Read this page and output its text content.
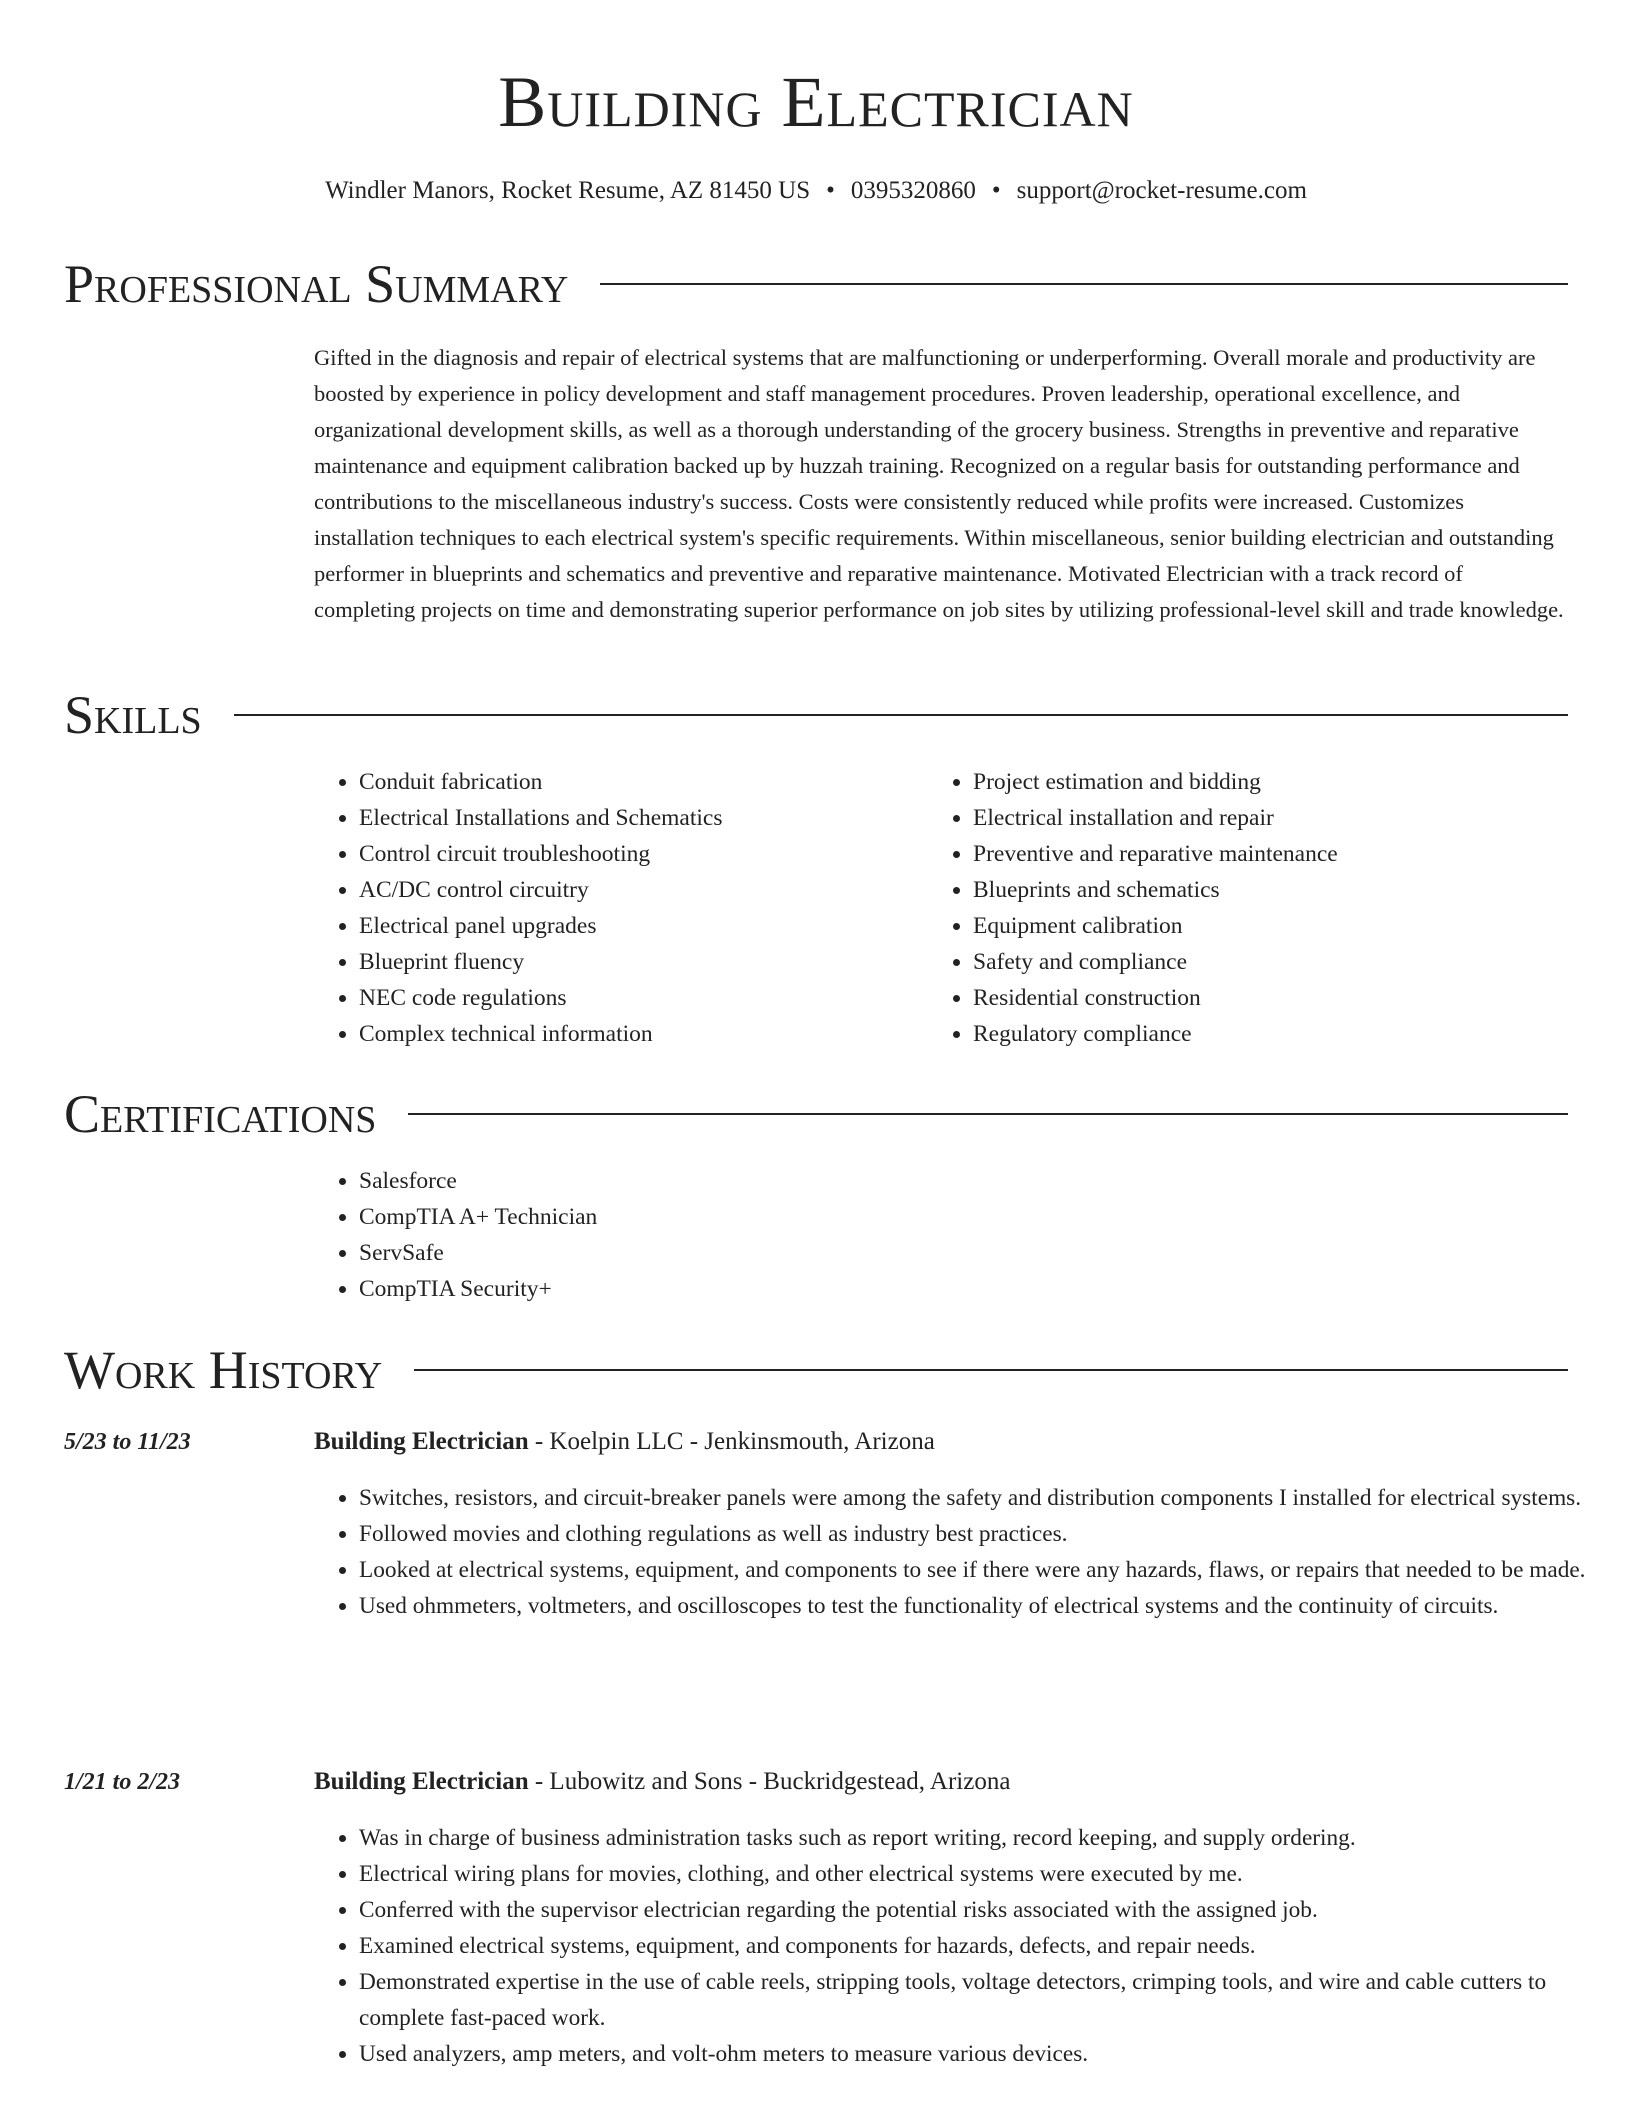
Building Electrician
Windler Manors, Rocket Resume, AZ 81450 US • 0395320860 • support@rocket-resume.com
Professional Summary

Gifted in the diagnosis and repair of electrical systems that are malfunctioning or underperforming. Overall morale and productivity are boosted by experience in policy development and staff management procedures. Proven leadership, operational excellence, and organizational development skills, as well as a thorough understanding of the grocery business. Strengths in preventive and reparative maintenance and equipment calibration backed up by huzzah training. Recognized on a regular basis for outstanding performance and contributions to the miscellaneous industry's success. Costs were consistently reduced while profits were increased. Customizes installation techniques to each electrical system's specific requirements. Within miscellaneous, senior building electrician and outstanding performer in blueprints and schematics and preventive and reparative maintenance. Motivated Electrician with a track record of completing projects on time and demonstrating superior performance on job sites by utilizing professional-level skill and trade knowledge.

Skills
• Conduit fabrication
• Electrical Installations and Schematics
• Control circuit troubleshooting
• AC/DC control circuitry
• Electrical panel upgrades
• Blueprint fluency
• NEC code regulations
• Complex technical information
• Project estimation and bidding
• Electrical installation and repair
• Preventive and reparative maintenance
• Blueprints and schematics
• Equipment calibration
• Safety and compliance
• Residential construction
• Regulatory compliance
Certifications
• Salesforce
• CompTIA A+ Technician
• ServSafe
• CompTIA Security+
Work History
5/23 to 11/23	Building Electrician - Koelpin LLC - Jenkinsmouth, Arizona
• Switches, resistors, and circuit-breaker panels were among the safety and distribution components I installed for electrical systems.
• Followed movies and clothing regulations as well as industry best practices.
• Looked at electrical systems, equipment, and components to see if there were any hazards, flaws, or repairs that needed to be made.
• Used ohmmeters, voltmeters, and oscilloscopes to test the functionality of electrical systems and the continuity of circuits.
1/21 to 2/23	Building Electrician - Lubowitz and Sons - Buckridgestead, Arizona
• Was in charge of business administration tasks such as report writing, record keeping, and supply ordering.
• Electrical wiring plans for movies, clothing, and other electrical systems were executed by me.
• Conferred with the supervisor electrician regarding the potential risks associated with the assigned job.
• Examined electrical systems, equipment, and components for hazards, defects, and repair needs.
• Demonstrated expertise in the use of cable reels, stripping tools, voltage detectors, crimping tools, and wire and cable cutters to complete fast-paced work.
• Used analyzers, amp meters, and volt-ohm meters to measure various devices.
